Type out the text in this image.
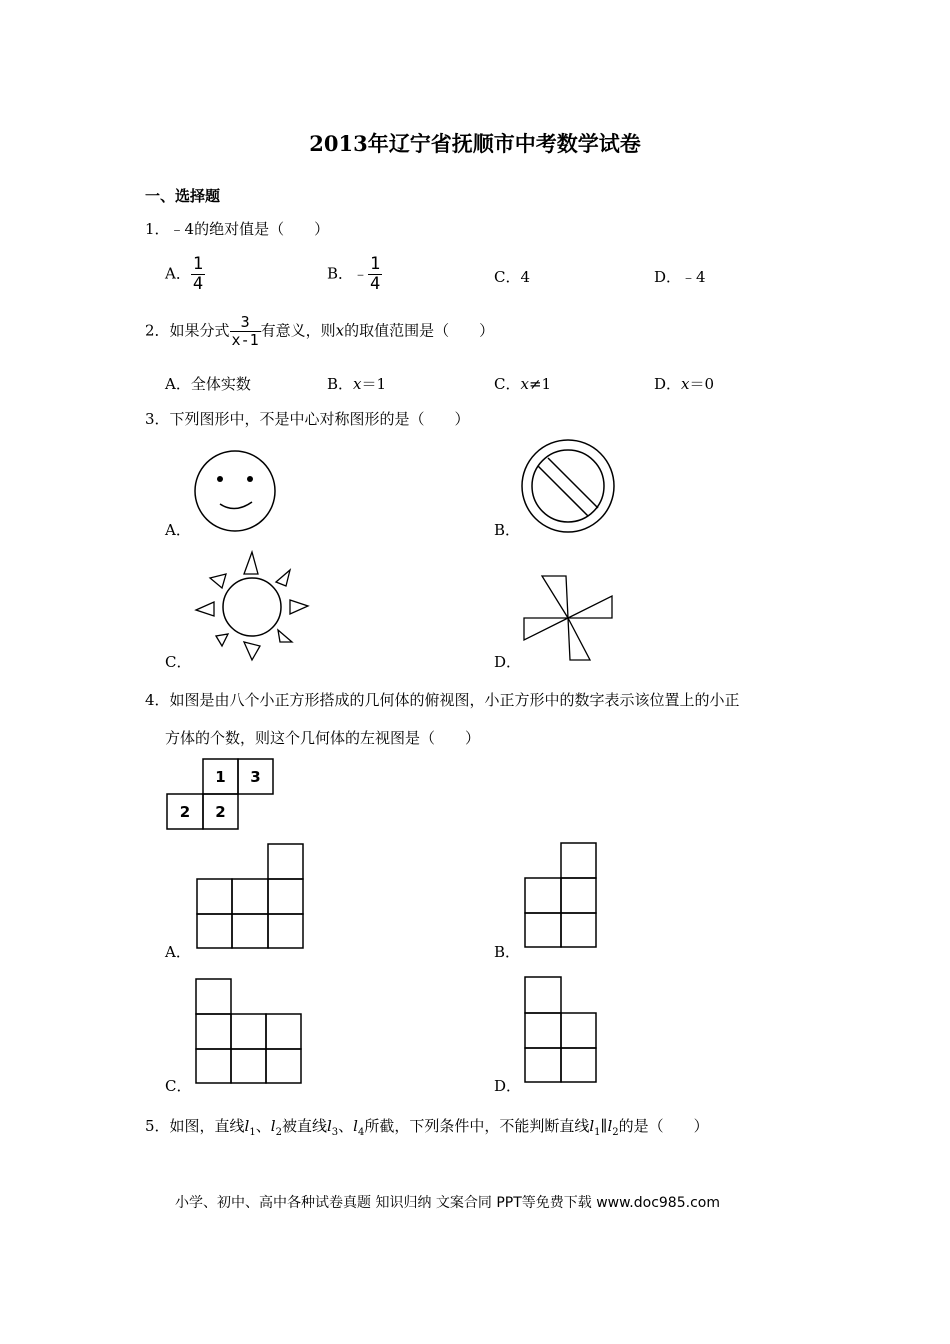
2013年辽宁省抚顺市中考数学试卷
一、选择题
1．﹣4的绝对值是（　　）
A． $\frac{1}{4}$	B．﹣ $\frac{1}{4}$	C．4	D．﹣4
2．如果分式 $\frac{3}{x-1}$ 有意义，则x的取值范围是（　　）
A．全体实数	B．x＝1	C．x≠1	D．x＝0
3．下列图形中，不是中心对称图形的是（　　）
A．	B．
C．	D．
4．如图是由八个小正方形搭成的几何体的俯视图，小正方形中的数字表示该位置上的小正
方体的个数，则这个几何体的左视图是（　　）
1 3
2 2
A．	B．
C．	D．
5．如图，直线$l_1$、$l_2$被直线$l_3$、$l_4$所截，下列条件中，不能判断直线$l_1\parallel l_2$的是（　　）
小学、初中、高中各种试卷真题 知识归纳 文案合同 PPT等免费下载 www.doc985.com
